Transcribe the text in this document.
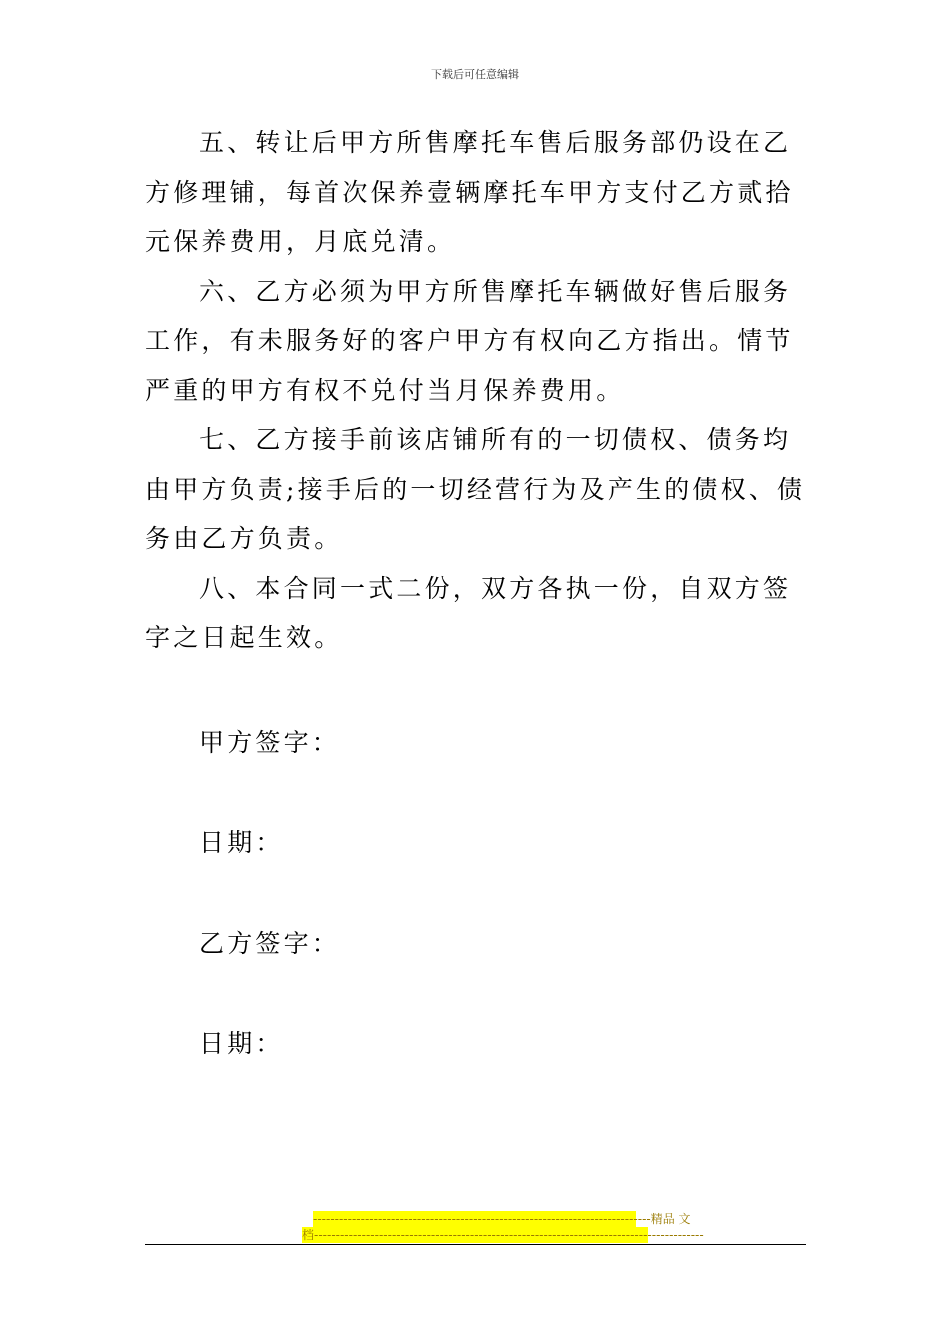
下载后可任意编辑

五、转让后甲方所售摩托车售后服务部仍设在乙方修理铺，每首次保养壹辆摩托车甲方支付乙方贰拾元保养费用，月底兑清。

六、乙方必须为甲方所售摩托车辆做好售后服务工作，有未服务好的客户甲方有权向乙方指出。情节严重的甲方有权不兑付当月保养费用。

七、乙方接手前该店铺所有的一切债权、债务均由甲方负责;接手后的一切经营行为及产生的债权、债务由乙方负责。

八、本合同一式二份，双方各执一份，自双方签字之日起生效。

甲方签字：
日期：
乙方签字：
日期：
------------------------------------------------------------------------------精品 文
档------------------------------------------------------------------------------------------
